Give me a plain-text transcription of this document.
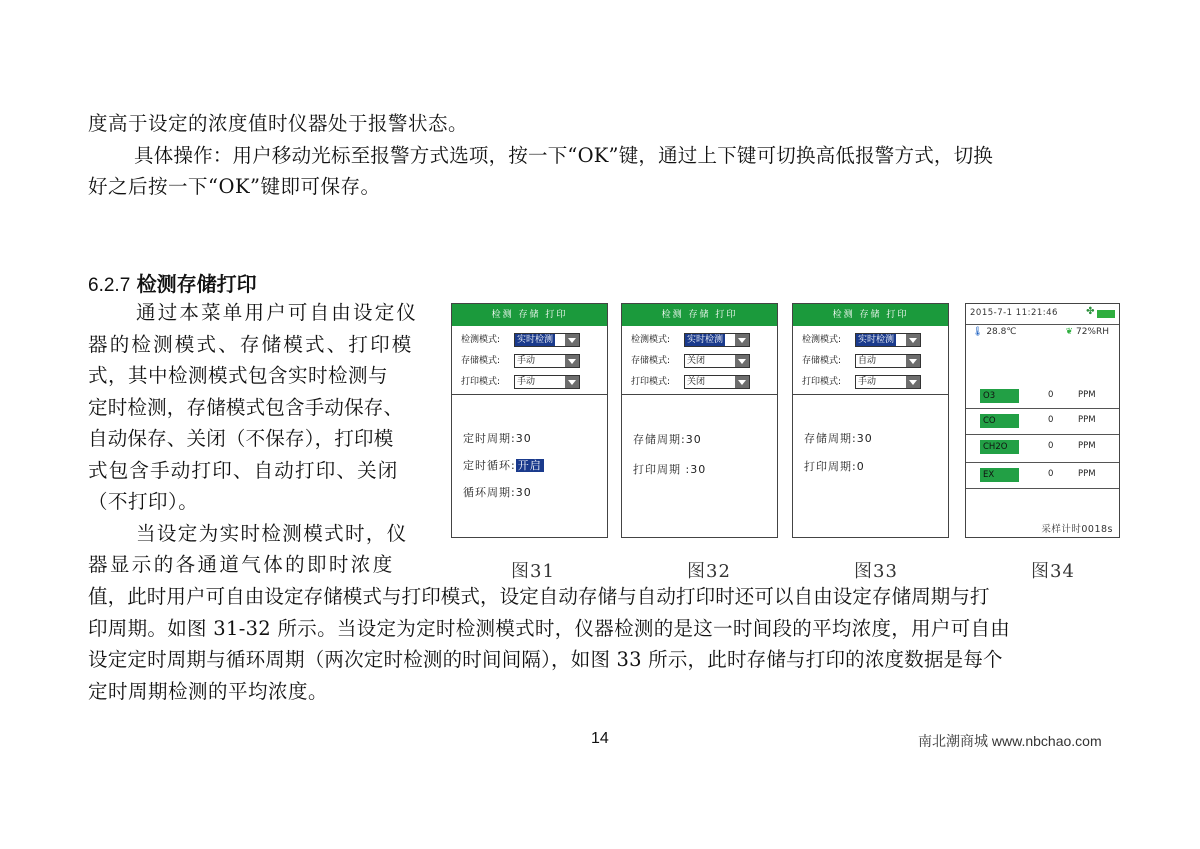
度高于设定的浓度值时仪器处于报警状态。
具体操作：用户移动光标至报警方式选项，按一下“OK”键，通过上下键可切换高低报警方式，切换
好之后按一下“OK”键即可保存。
6.2.7 检测存储打印
通过本菜单用户可自由设定仪
器的检测模式、存储模式、打印模
式，其中检测模式包含实时检测与
定时检测，存储模式包含手动保存、
自动保存、关闭（不保存），打印模
式包含手动打印、自动打印、关闭
（不打印）。
当设定为实时检测模式时，仪
器显示的各通道气体的即时浓度
检测 存储 打印
检测模式:	实时检测
存储模式:	手动
打印模式:	手动
定时周期:30
定时循环: 开启
循环周期:30
检测 存储 打印
检测模式:	实时检测
存储模式:	关闭
打印模式:	关闭
存储周期:30
打印周期 :30
检测 存储 打印
检测模式:	实时检测
存储模式:	自动
打印模式:	手动
存储周期:30
打印周期:0
2015-7-1 11:21:46	✤
🌡 28.8℃	❦ 72%RH
O3	0	PPM
CO	0	PPM
CH2O	0	PPM
EX	0	PPM
采样计时0018s
图31	图32	图33	图34
值，此时用户可自由设定存储模式与打印模式，设定自动存储与自动打印时还可以自由设定存储周期与打
印周期。如图 31-32 所示。当设定为定时检测模式时，仪器检测的是这一时间段的平均浓度，用户可自由
设定定时周期与循环周期（两次定时检测的时间间隔），如图 33 所示，此时存储与打印的浓度数据是每个
定时周期检测的平均浓度。
14	南北潮商城 www.nbchao.com
